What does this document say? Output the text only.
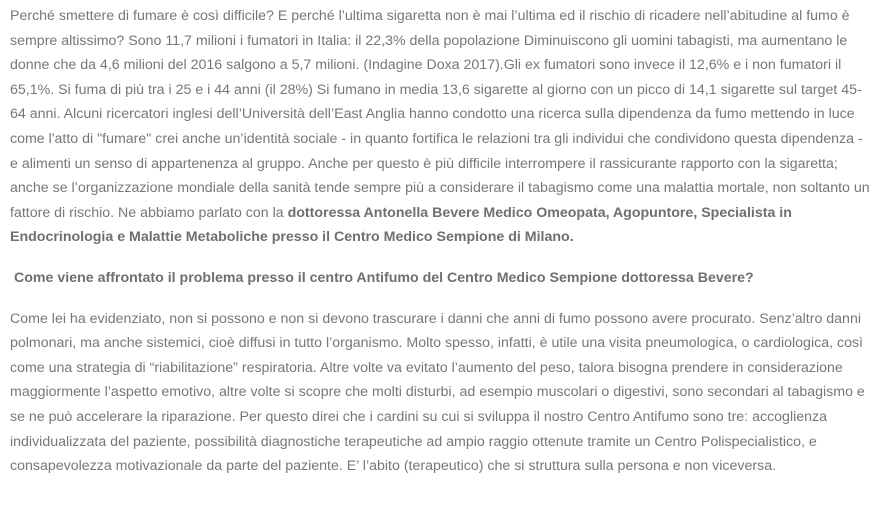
Perché smettere di fumare è così difficile? E perché l’ultima sigaretta non è mai l’ultima ed il rischio di ricadere nell’abitudine al fumo è sempre altissimo? Sono 11,7 milioni i fumatori in Italia: il 22,3% della popolazione Diminuiscono gli uomini tabagisti, ma aumentano le donne che da 4,6 milioni del 2016 salgono a 5,7 milioni. (Indagine Doxa 2017).Gli ex fumatori sono invece il 12,6% e i non fumatori il 65,1%. Si fuma di più tra i 25 e i 44 anni (il 28%) Si fumano in media 13,6 sigarette al giorno con un picco di 14,1 sigarette sul target 45-64 anni. Alcuni ricercatori inglesi dell’Università dell’East Anglia hanno condotto una ricerca sulla dipendenza da fumo mettendo in luce come l'atto di "fumare" crei anche un’identità sociale - in quanto fortifica le relazioni tra gli individui che condividono questa dipendenza - e alimenti un senso di appartenenza al gruppo. Anche per questo è più difficile interrompere il rassicurante rapporto con la sigaretta; anche se l’organizzazione mondiale della sanità tende sempre più a considerare il tabagismo come una malattia mortale, non soltanto un fattore di rischio. Ne abbiamo parlato con la dottoressa Antonella Bevere Medico Omeopata, Agopuntore, Specialista in Endocrinologia e Malattie Metaboliche presso il Centro Medico Sempione di Milano.

Come viene affrontato il problema presso il centro Antifumo del Centro Medico Sempione dottoressa Bevere?

Come lei ha evidenziato, non si possono e non si devono trascurare i danni che anni di fumo possono avere procurato. Senz’altro danni polmonari, ma anche sistemici, cioè diffusi in tutto l’organismo. Molto spesso, infatti, è utile una visita pneumologica, o cardiologica, così come una strategia di “riabilitazione” respiratoria. Altre volte va evitato l’aumento del peso, talora bisogna prendere in considerazione maggiormente l’aspetto emotivo, altre volte si scopre che molti disturbi, ad esempio muscolari o digestivi, sono secondari al tabagismo e se ne può accelerare la riparazione. Per questo direi che i cardini su cui si sviluppa il nostro Centro Antifumo sono tre: accoglienza individualizzata del paziente, possibilità diagnostiche terapeutiche ad ampio raggio ottenute tramite un Centro Polispecialistico, e consapevolezza motivazionale da parte del paziente. E’ l’abito (terapeutico) che si struttura sulla persona e non viceversa.
